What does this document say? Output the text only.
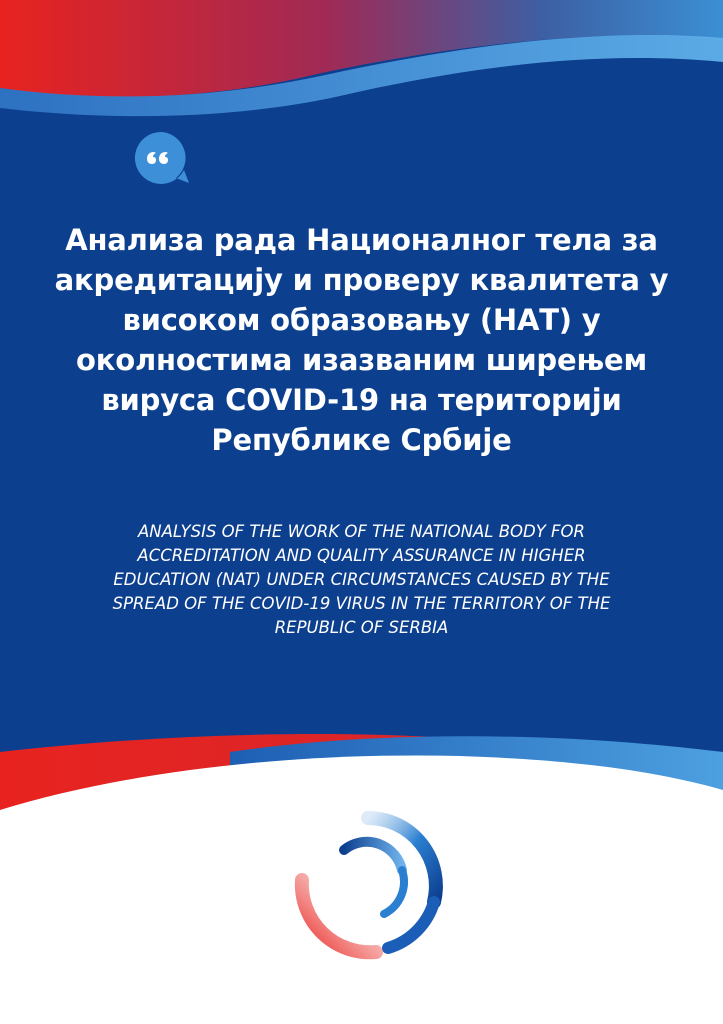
Анализа рада Националног тела за акредитацију и проверу квалитета у високом образовању (НАТ) у околностима изазваним ширењем вируса COVID-19 на територији Републике Србије

ANALYSIS OF THE WORK OF THE NATIONAL BODY FOR ACCREDITATION AND QUALITY ASSURANCE IN HIGHER EDUCATION (NAT) UNDER CIRCUMSTANCES CAUSED BY THE SPREAD OF THE COVID-19 VIRUS IN THE TERRITORY OF THE REPUBLIC OF SERBIA
